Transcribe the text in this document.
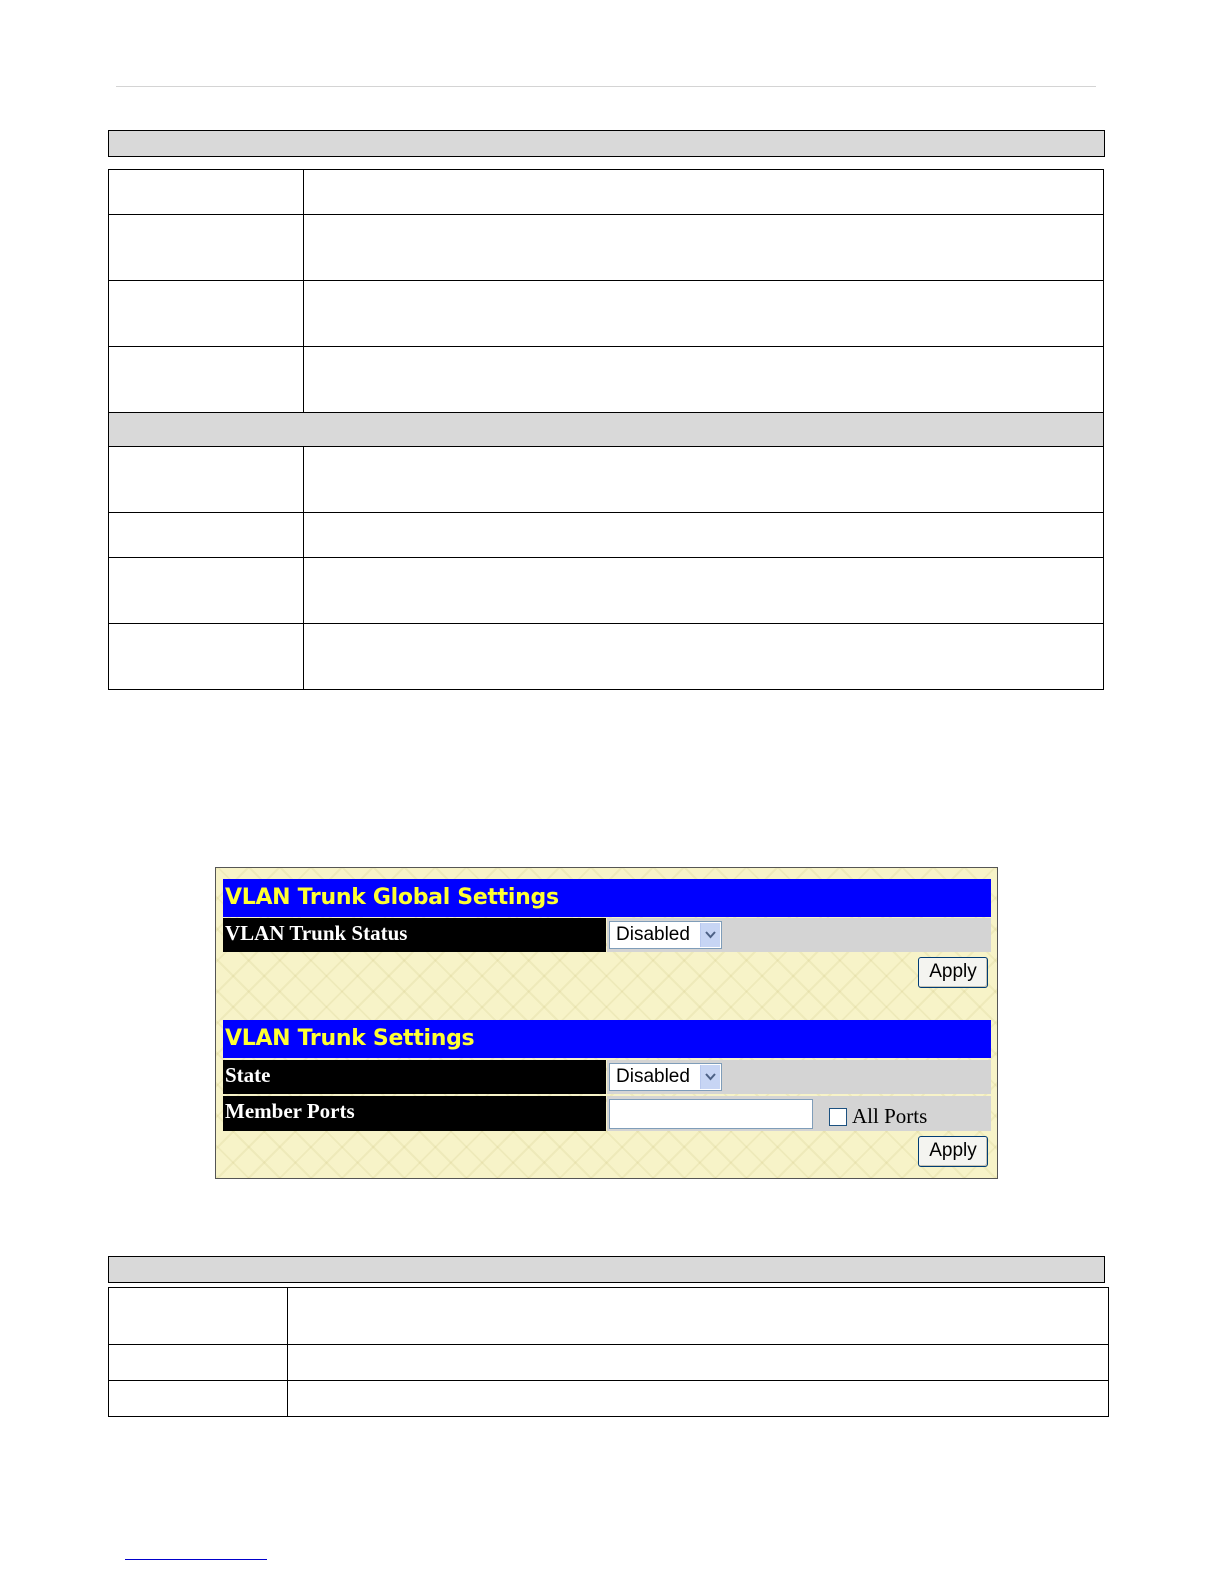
VLAN Trunk Global Settings
VLAN Trunk Status	Disabled
Apply
VLAN Trunk Settings
State	Disabled
Member Ports	All Ports
Apply
